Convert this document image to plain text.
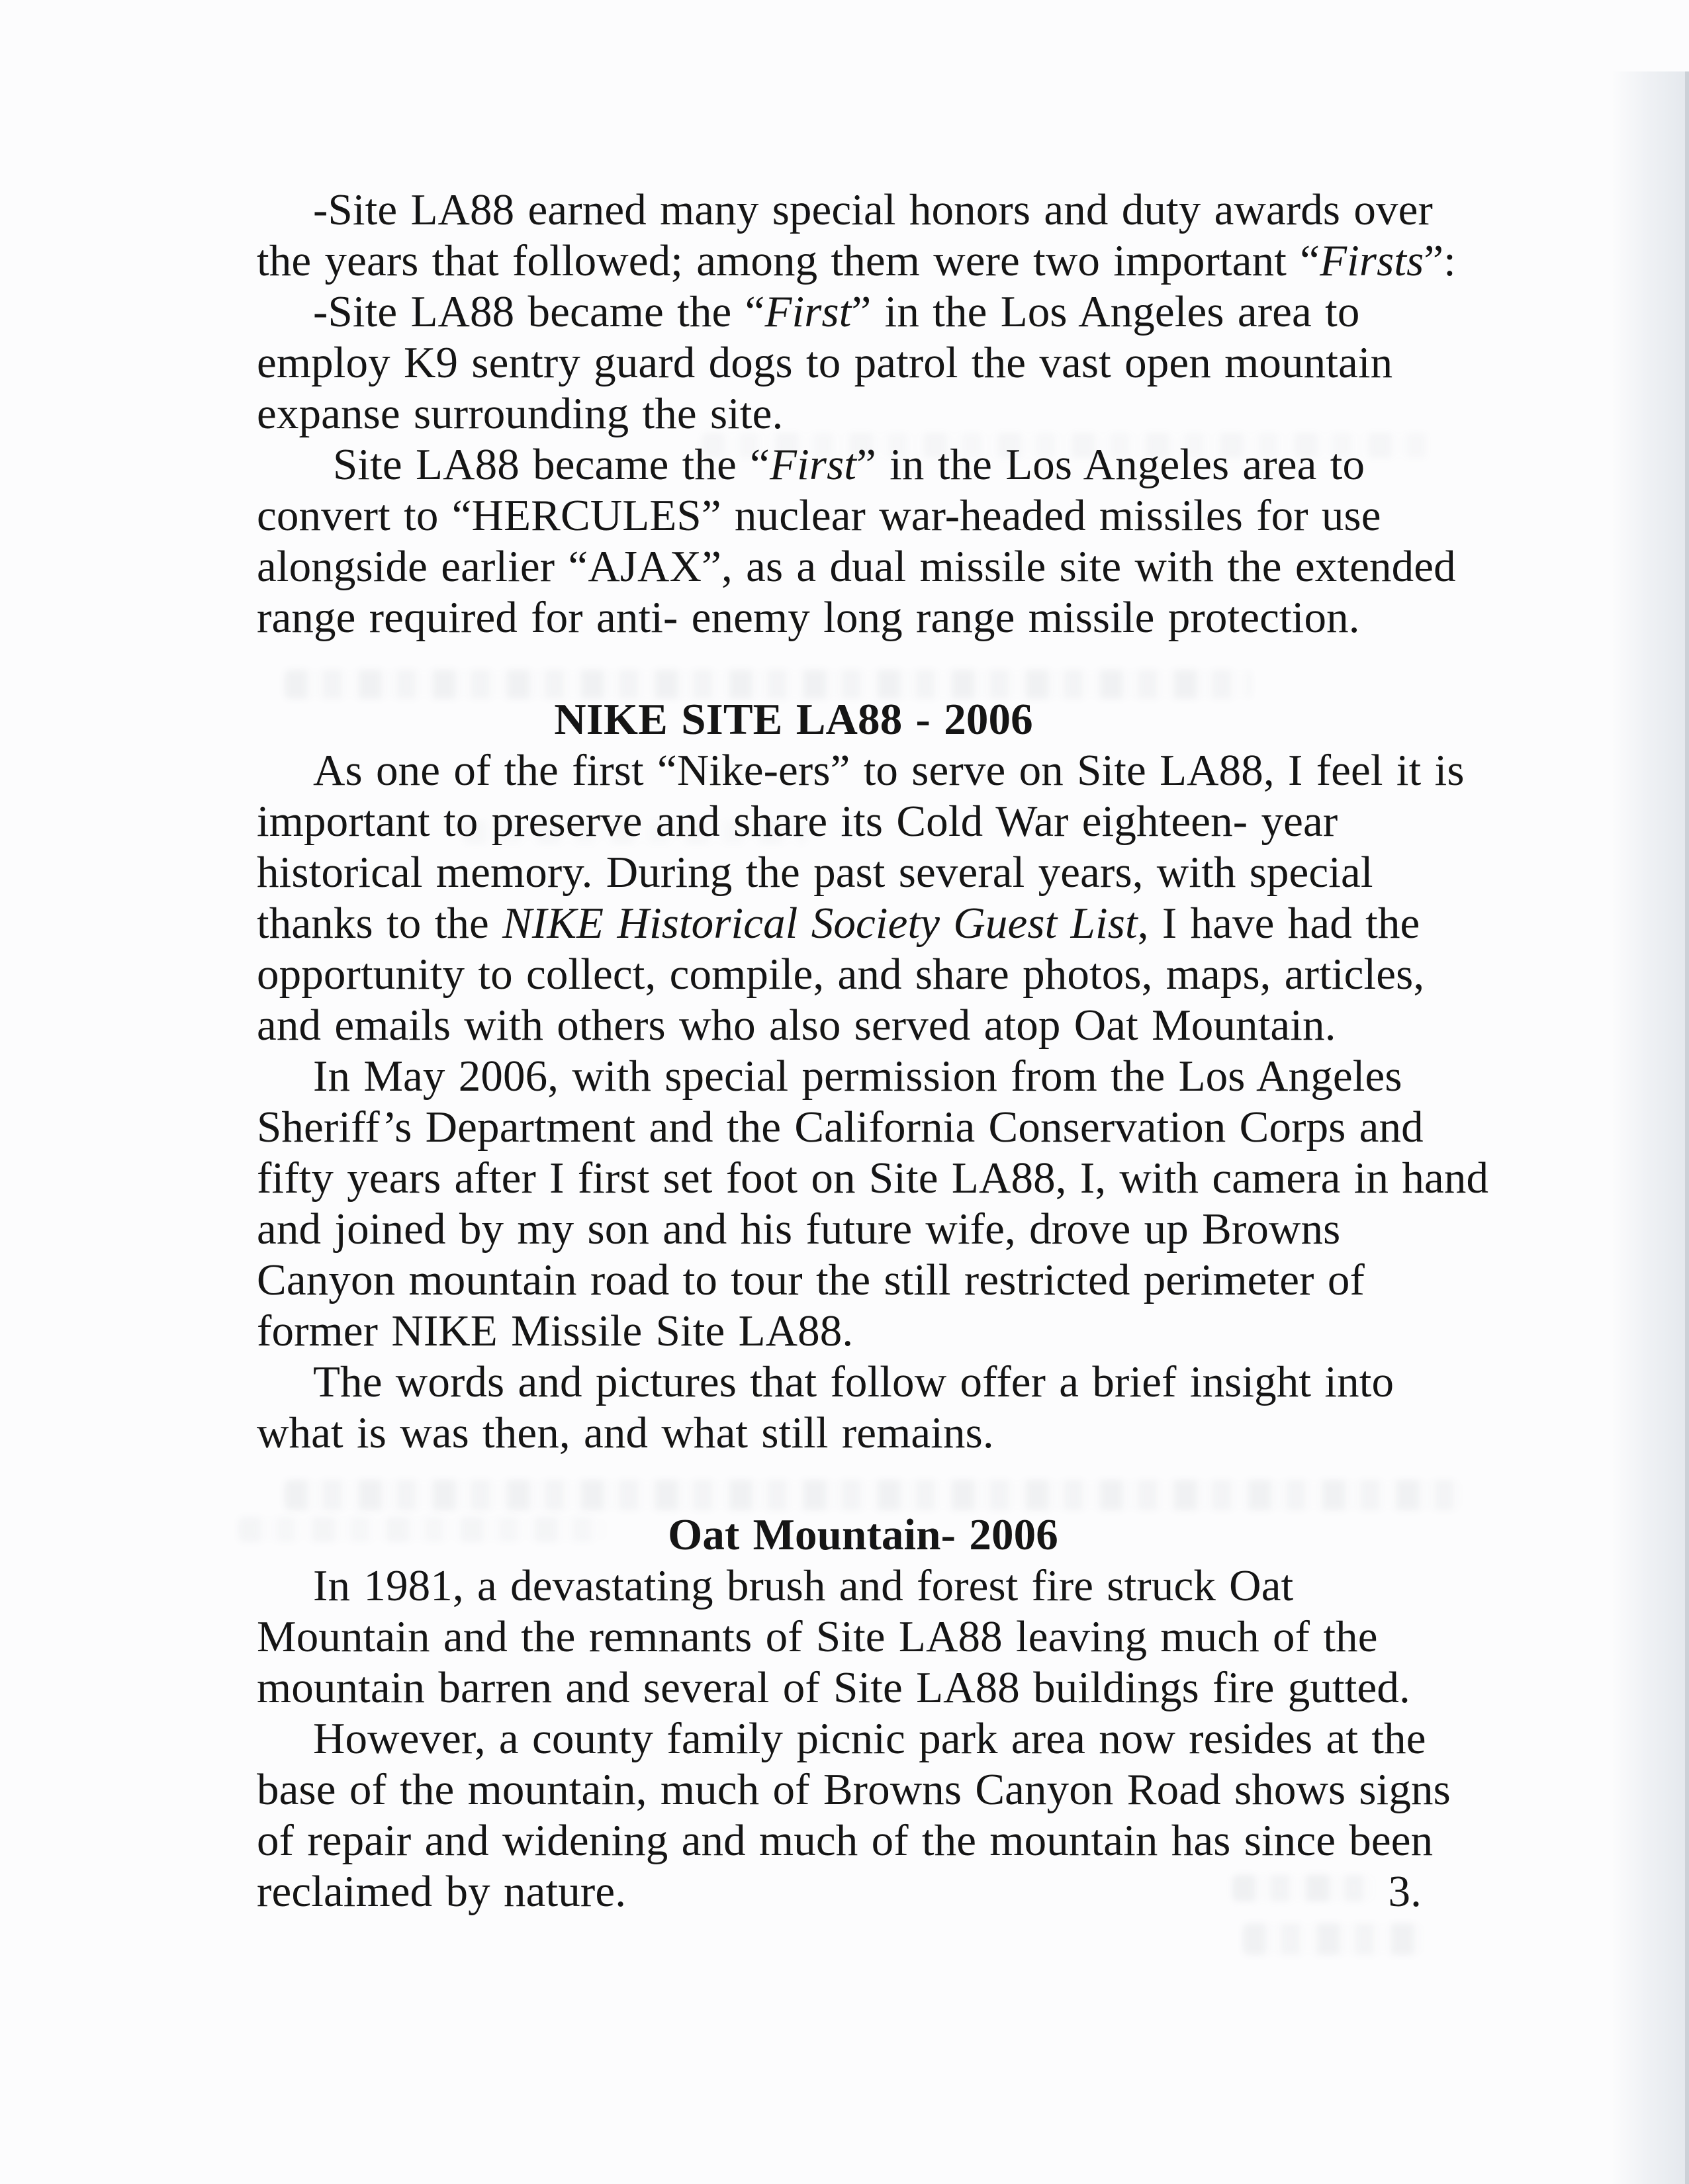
-Site LA88 earned many special honors and duty awards over
the years that followed; among them were two important “Firsts”:
-Site LA88 became the “First” in the Los Angeles area to
employ K9 sentry guard dogs to patrol the vast open mountain
expanse surrounding the site.
Site LA88 became the “First” in the Los Angeles area to
convert to “HERCULES” nuclear war-headed missiles for use
alongside earlier “AJAX”, as a dual missile site with the extended
range required for anti- enemy long range missile protection.
NIKE SITE LA88 - 2006
As one of the first “Nike-ers” to serve on Site LA88, I feel it is
important to preserve and share its Cold War eighteen- year
historical memory. During the past several years, with special
thanks to the NIKE Historical Society Guest List, I have had the
opportunity to collect, compile, and share photos, maps, articles,
and emails with others who also served atop Oat Mountain.
In May 2006, with special permission from the Los Angeles
Sheriff’s Department and the California Conservation Corps and
fifty years after I first set foot on Site LA88, I, with camera in hand
and joined by my son and his future wife, drove up Browns
Canyon mountain road to tour the still restricted perimeter of
former NIKE Missile Site LA88.
The words and pictures that follow offer a brief insight into
what is was then, and what still remains.
Oat Mountain- 2006
In 1981, a devastating brush and forest fire struck Oat
Mountain and the remnants of Site LA88 leaving much of the
mountain barren and several of Site LA88 buildings fire gutted.
However, a county family picnic park area now resides at the
base of the mountain, much of Browns Canyon Road shows signs
of repair and widening and much of the mountain has since been
reclaimed by nature.	3.
